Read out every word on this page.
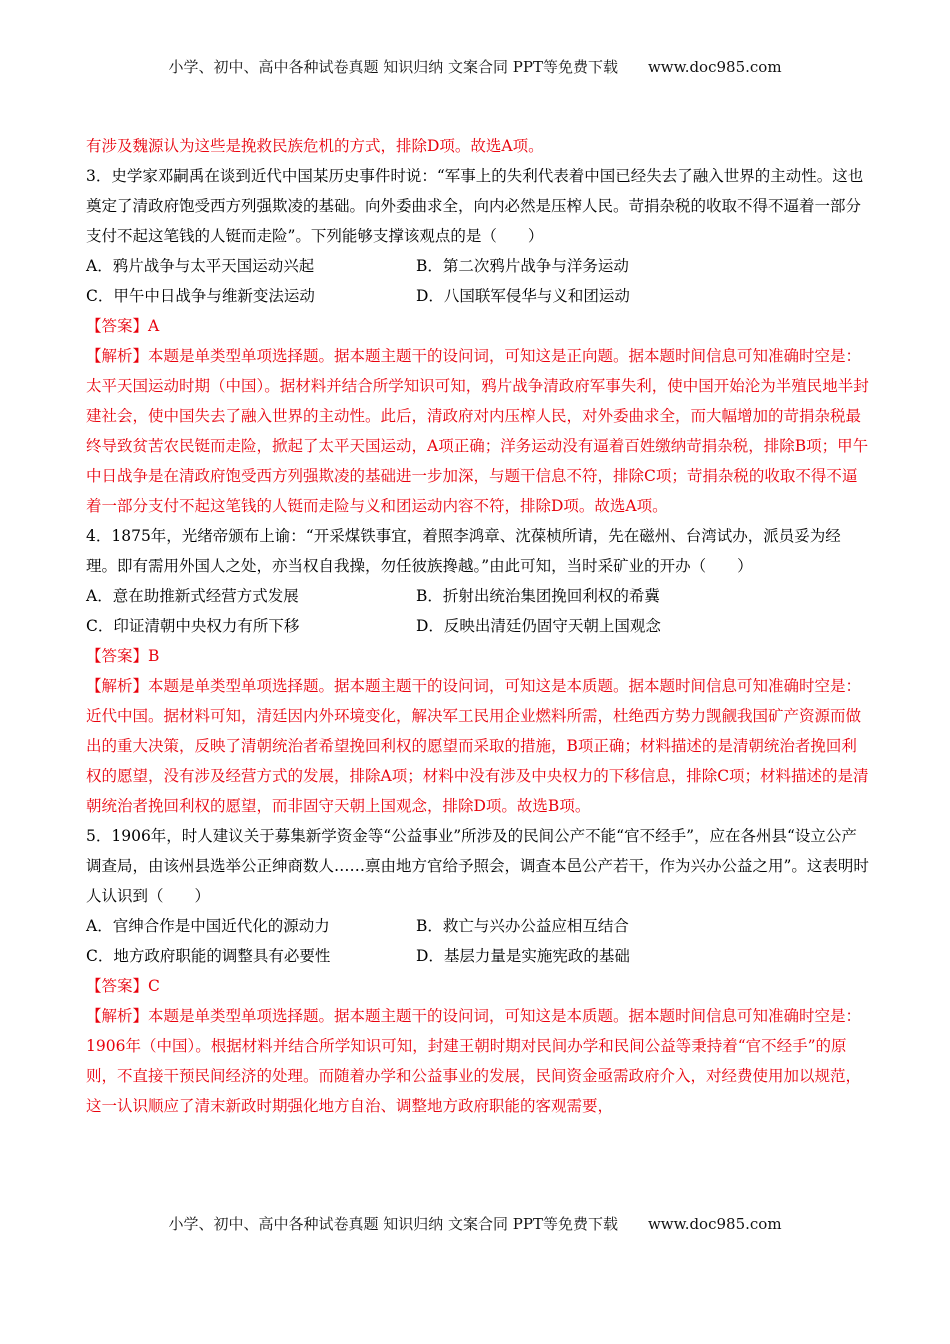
小学、初中、高中各种试卷真题 知识归纳 文案合同 PPT等免费下载　　www.doc985.com

有涉及魏源认为这些是挽救民族危机的方式，排除D项。故选A项。

3．史学家邓嗣禹在谈到近代中国某历史事件时说：“军事上的失利代表着中国已经失去了融入世界的主动性。这也奠定了清政府饱受西方列强欺凌的基础。向外委曲求全，向内必然是压榨人民。苛捐杂税的收取不得不逼着一部分支付不起这笔钱的人铤而走险”。下列能够支撑该观点的是（　　）

A．鸦片战争与太平天国运动兴起	B．第二次鸦片战争与洋务运动
C．甲午中日战争与维新变法运动	D．八国联军侵华与义和团运动

【答案】A

【解析】本题是单类型单项选择题。据本题主题干的设问词，可知这是正向题。据本题时间信息可知准确时空是：太平天国运动时期（中国）。据材料并结合所学知识可知，鸦片战争清政府军事失利，使中国开始沦为半殖民地半封建社会，使中国失去了融入世界的主动性。此后，清政府对内压榨人民，对外委曲求全，而大幅增加的苛捐杂税最终导致贫苦农民铤而走险，掀起了太平天国运动，A项正确；洋务运动没有逼着百姓缴纳苛捐杂税，排除B项；甲午中日战争是在清政府饱受西方列强欺凌的基础进一步加深，与题干信息不符，排除C项；苛捐杂税的收取不得不逼着一部分支付不起这笔钱的人铤而走险与义和团运动内容不符，排除D项。故选A项。

4．1875年，光绪帝颁布上谕：“开采煤铁事宜，着照李鸿章、沈葆桢所请，先在磁州、台湾试办，派员妥为经理。即有需用外国人之处，亦当权自我操，勿任彼族搀越。”由此可知，当时采矿业的开办（　　）

A．意在助推新式经营方式发展	B．折射出统治集团挽回利权的希冀
C．印证清朝中央权力有所下移	D．反映出清廷仍固守天朝上国观念

【答案】B

【解析】本题是单类型单项选择题。据本题主题干的设问词，可知这是本质题。据本题时间信息可知准确时空是：近代中国。据材料可知，清廷因内外环境变化，解决军工民用企业燃料所需，杜绝西方势力觊觎我国矿产资源而做出的重大决策，反映了清朝统治者希望挽回利权的愿望而采取的措施，B项正确；材料描述的是清朝统治者挽回利权的愿望，没有涉及经营方式的发展，排除A项；材料中没有涉及中央权力的下移信息，排除C项；材料描述的是清朝统治者挽回利权的愿望，而非固守天朝上国观念，排除D项。故选B项。

5．1906年，时人建议关于募集新学资金等“公益事业”所涉及的民间公产不能“官不经手”，应在各州县“设立公产调查局，由该州县选举公正绅商数人……禀由地方官给予照会，调查本邑公产若干，作为兴办公益之用”。这表明时人认识到（　　）

A．官绅合作是中国近代化的源动力	B．救亡与兴办公益应相互结合
C．地方政府职能的调整具有必要性	D．基层力量是实施宪政的基础

【答案】C

【解析】本题是单类型单项选择题。据本题主题干的设问词，可知这是本质题。据本题时间信息可知准确时空是：1906年（中国）。根据材料并结合所学知识可知，封建王朝时期对民间办学和民间公益等秉持着“官不经手”的原则，不直接干预民间经济的处理。而随着办学和公益事业的发展，民间资金亟需政府介入，对经费使用加以规范，这一认识顺应了清末新政时期强化地方自治、调整地方政府职能的客观需要，

小学、初中、高中各种试卷真题 知识归纳 文案合同 PPT等免费下载　　www.doc985.com
